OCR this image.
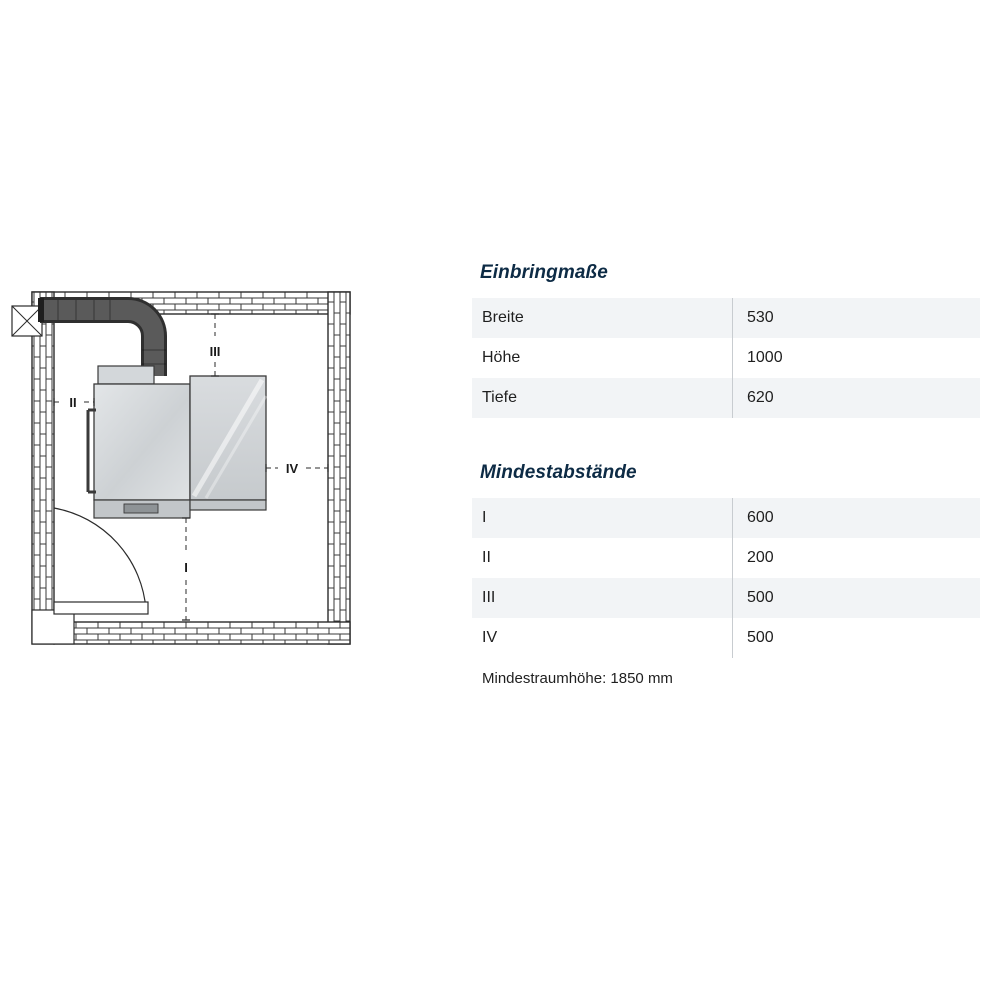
I
II
III
IV
Einbringmaße
Breite	530
Höhe	1000
Tiefe	620
Mindestabstände
I	600
II	200
III	500
IV	500
Mindestraumhöhe: 1850 mm
